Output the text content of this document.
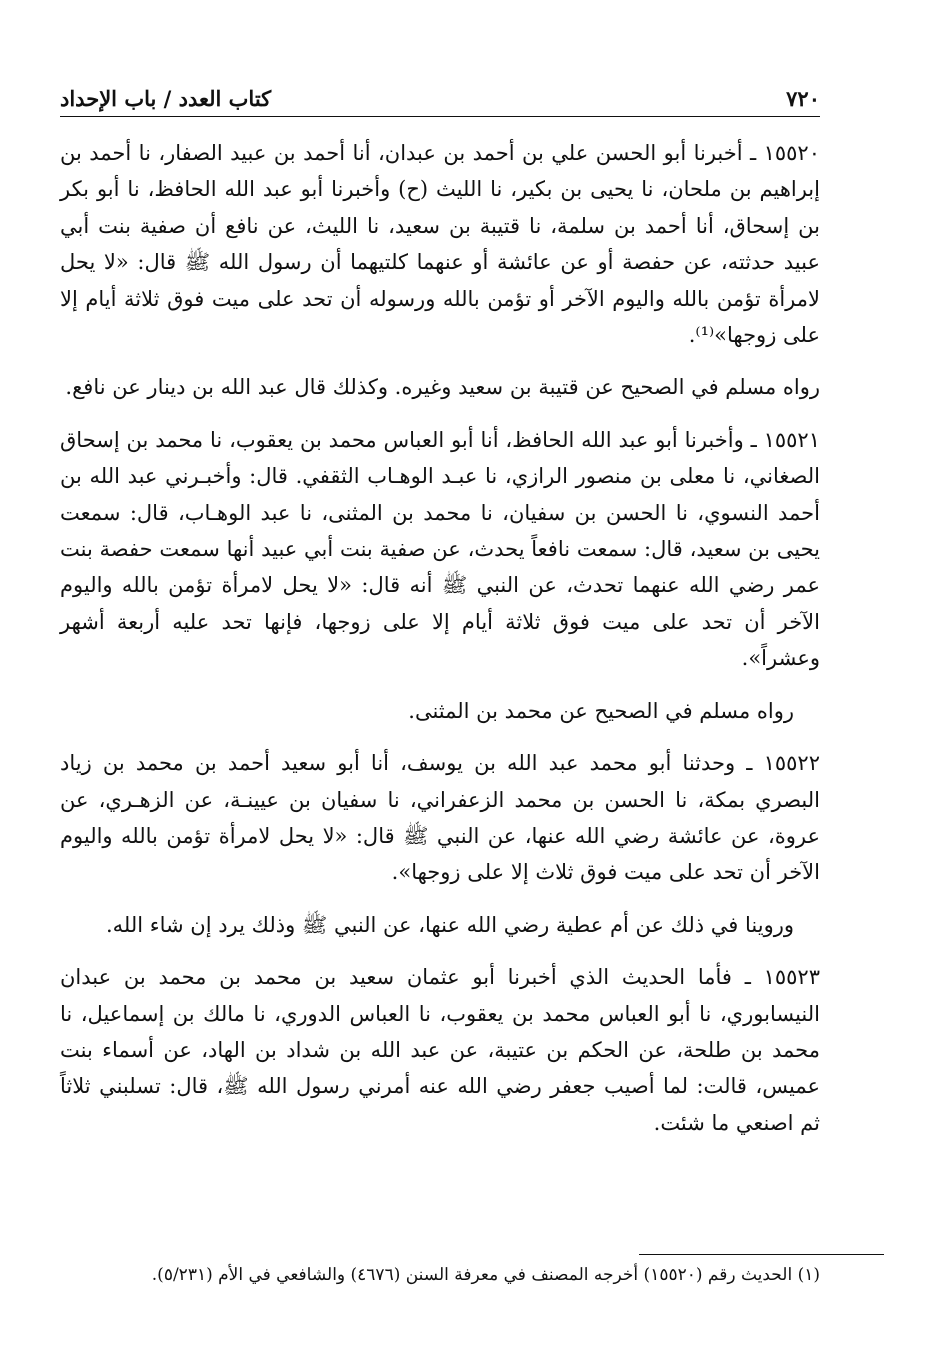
٧٢٠
كتاب العدد / باب الإحداد

١٥٥٢٠ ـ أخبرنا أبو الحسن علي بن أحمد بن عبدان، أنا أحمد بن عبيد الصفار، نا أحمد بن إبراهيم بن ملحان، نا يحيى بن بكير، نا الليث (ح) وأخبرنا أبو عبد الله الحافظ، نا أبو بكر بن إسحاق، أنا أحمد بن سلمة، نا قتيبة بن سعيد، نا الليث، عن نافع أن صفية بنت أبي عبيد حدثته، عن حفصة أو عن عائشة أو عنهما كلتيهما أن رسول الله ﷺ قال: «لا يحل لامرأة تؤمن بالله واليوم الآخر أو تؤمن بالله ورسوله أن تحد على ميت فوق ثلاثة أيام إلا على زوجها»⁽¹⁾.

رواه مسلم في الصحيح عن قتيبة بن سعيد وغيره. وكذلك قال عبد الله بن دينار عن نافع.

١٥٥٢١ ـ وأخبرنا أبو عبد الله الحافظ، أنا أبو العباس محمد بن يعقوب، نا محمد بن إسحاق الصغاني، نا معلى بن منصور الرازي، نا عبـد الوهـاب الثقفي. قال: وأخبـرني عبد الله بن أحمد النسوي، نا الحسن بن سفيان، نا محمد بن المثنى، نا عبد الوهـاب، قال: سمعت يحيى بن سعيد، قال: سمعت نافعاً يحدث، عن صفية بنت أبي عبيد أنها سمعت حفصة بنت عمر رضي الله عنهما تحدث، عن النبي ﷺ أنه قال: «لا يحل لامرأة تؤمن بالله واليوم الآخر أن تحد على ميت فوق ثلاثة أيام إلا على زوجها، فإنها تحد عليه أربعة أشهر وعشراً».

رواه مسلم في الصحيح عن محمد بن المثنى.

١٥٥٢٢ ـ وحدثنا أبو محمد عبد الله بن يوسف، أنا أبو سعيد أحمد بن محمد بن زياد البصري بمكة، نا الحسن بن محمد الزعفراني، نا سفيان بن عيينـة، عن الزهـري، عن عروة، عن عائشة رضي الله عنها، عن النبي ﷺ قال: «لا يحل لامرأة تؤمن بالله واليوم الآخر أن تحد على ميت فوق ثلاث إلا على زوجها».

وروينا في ذلك عن أم عطية رضي الله عنها، عن النبي ﷺ وذلك يرد إن شاء الله.

١٥٥٢٣ ـ فأما الحديث الذي أخبرنا أبو عثمان سعيد بن محمد بن محمد بن عبدان النيسابوري، نا أبو العباس محمد بن يعقوب، نا العباس الدوري، نا مالك بن إسماعيل، نا محمد بن طلحة، عن الحكم بن عتيبة، عن عبد الله بن شداد بن الهاد، عن أسماء بنت عميس، قالت: لما أصيب جعفر رضي الله عنه أمرني رسول الله ﷺ، قال: تسلبني ثلاثاً ثم اصنعي ما شئت.

(١) الحديث رقم (١٥٥٢٠) أخرجه المصنف في معرفة السنن (٤٦٧٦) والشافعي في الأم (٥/٢٣١).
